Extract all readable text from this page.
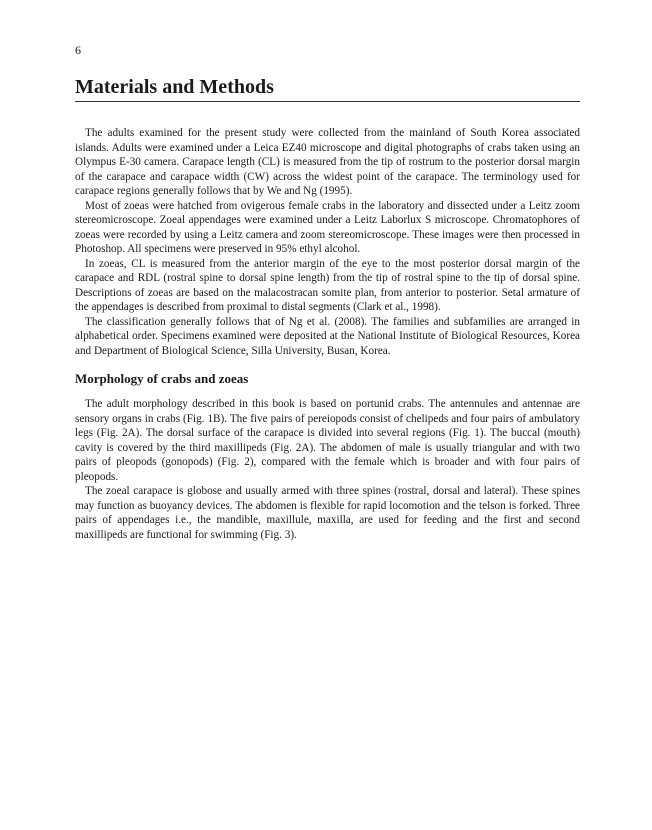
6
Materials and Methods

The adults examined for the present study were collected from the mainland of South Korea associated islands. Adults were examined under a Leica EZ40 microscope and digital photographs of crabs taken using an Olympus E-30 camera. Carapace length (CL) is measured from the tip of rostrum to the posterior dorsal margin of the carapace and carapace width (CW) across the widest point of the carapace. The terminology used for carapace regions generally follows that by We and Ng (1995).

Most of zoeas were hatched from ovigerous female crabs in the laboratory and dissected under a Leitz zoom stereomicroscope. Zoeal appendages were examined under a Leitz Laborlux S microscope. Chromatophores of zoeas were recorded by using a Leitz camera and zoom stereomicroscope. These images were then processed in Photoshop. All specimens were preserved in 95% ethyl alcohol.

In zoeas, CL is measured from the anterior margin of the eye to the most posterior dorsal margin of the carapace and RDL (rostral spine to dorsal spine length) from the tip of rostral spine to the tip of dorsal spine. Descriptions of zoeas are based on the malacostracan somite plan, from anterior to posterior. Setal armature of the appendages is described from proximal to distal segments (Clark et al., 1998).

The classification generally follows that of Ng et al. (2008). The families and subfamilies are arranged in alphabetical order. Specimens examined were deposited at the National Institute of Biological Resources, Korea and Department of Biological Science, Silla University, Busan, Korea.

Morphology of crabs and zoeas

The adult morphology described in this book is based on portunid crabs. The antennules and antennae are sensory organs in crabs (Fig. 1B). The five pairs of pereiopods consist of chelipeds and four pairs of ambulatory legs (Fig. 2A). The dorsal surface of the carapace is divided into several regions (Fig. 1). The buccal (mouth) cavity is covered by the third maxillipeds (Fig. 2A). The abdomen of male is usually triangular and with two pairs of pleopods (gonopods) (Fig. 2), compared with the female which is broader and with four pairs of pleopods.

The zoeal carapace is globose and usually armed with three spines (rostral, dorsal and lateral). These spines may function as buoyancy devices. The abdomen is flexible for rapid locomotion and the telson is forked. Three pairs of appendages i.e., the mandible, maxillule, maxilla, are used for feeding and the first and second maxillipeds are functional for swimming (Fig. 3).
